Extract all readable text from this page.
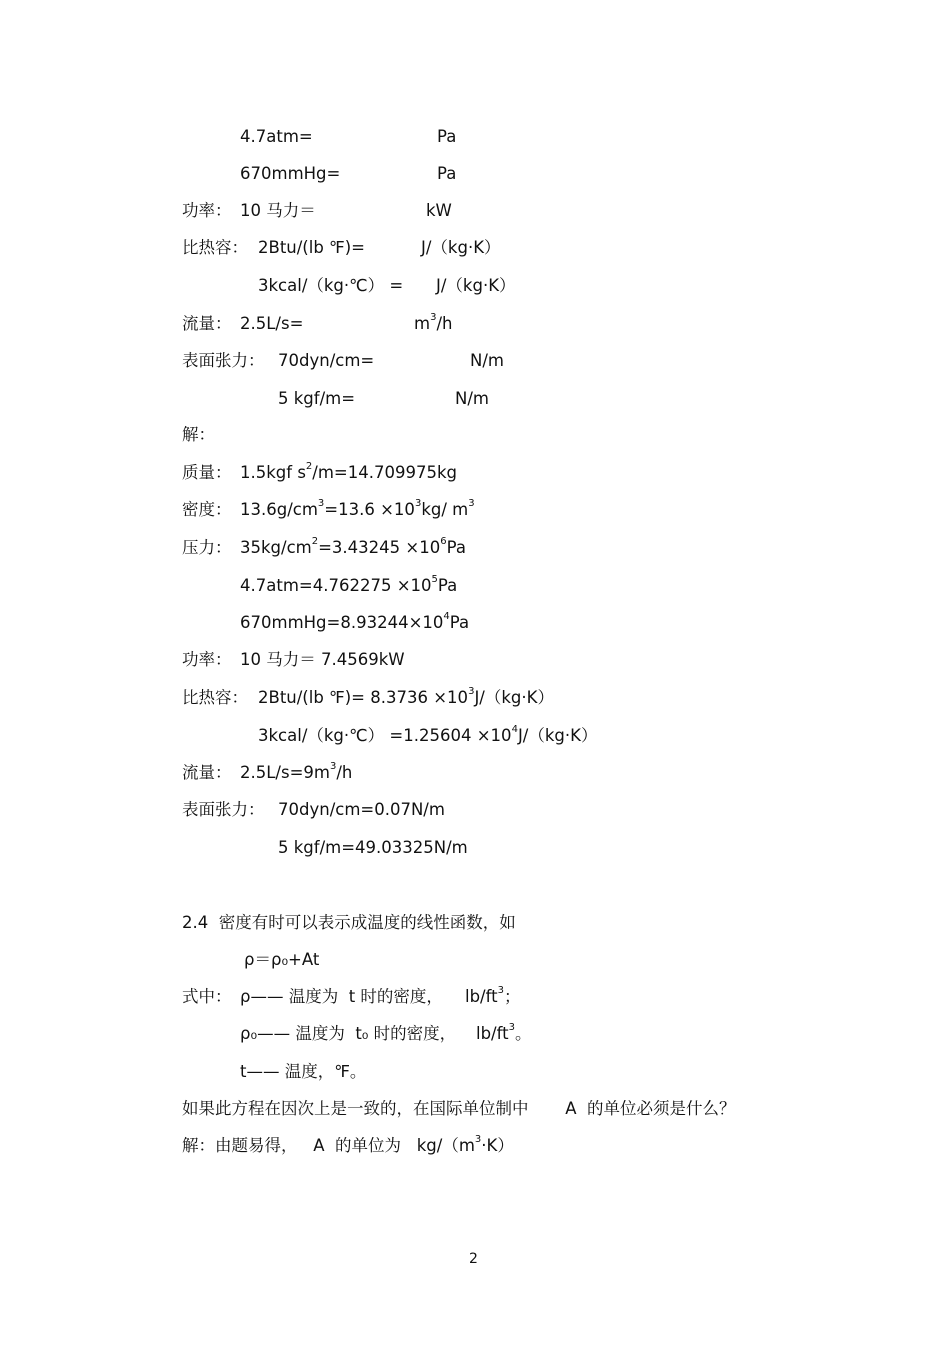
4.7atm=	Pa
670mmHg=	Pa
功率： 10 马力＝	kW
比热容： 2Btu/(lb ℉)=	J/（kg·K）
3kcal/（kg·℃） = J/（kg·K）
流量： 2.5L/s=	$m^3/h$
表面张力： 70dyn/cm=	N/m
5 kgf/m=	N/m
解：
质量： 1.5kgf $s^2/m=14.709975kg$
密度： $13.6g/cm^3=13.6 \times 10^3kg/$ $m^3$
压力： $35kg/cm^2=3.43245 \times 10^6Pa$
$4.7atm=4.762275 \times 10^5Pa$
$670mmHg=8.93244\times 10^4Pa$
功率： 10 马力＝ 7.4569kW
比热容： 2Btu/(lb ℉)= $8.3736 \times 10^3J/(kg\cdot K)$
3kcal/（kg·℃） $=1.25604 \times 10^4J/(kg\cdot K)$
流量： $2.5L/s=9m^3/h$
表面张力： 70dyn/cm=0.07N/m
5 kgf/m=49.03325N/m
2.4  密度有时可以表示成温度的线性函数，如
ρ＝ρ₀+At
式中： ρ—— 温度为  t 时的密度， $lb/ft^3$；
ρ₀—— 温度为  t₀ 时的密度， $lb/ft^3$。
t—— 温度，℉。
如果此方程在因次上是一致的，在国际单位制中       A  的单位必须是什么？
解：由题易得，   A  的单位为   $kg/(m^3\cdot K)$
2
